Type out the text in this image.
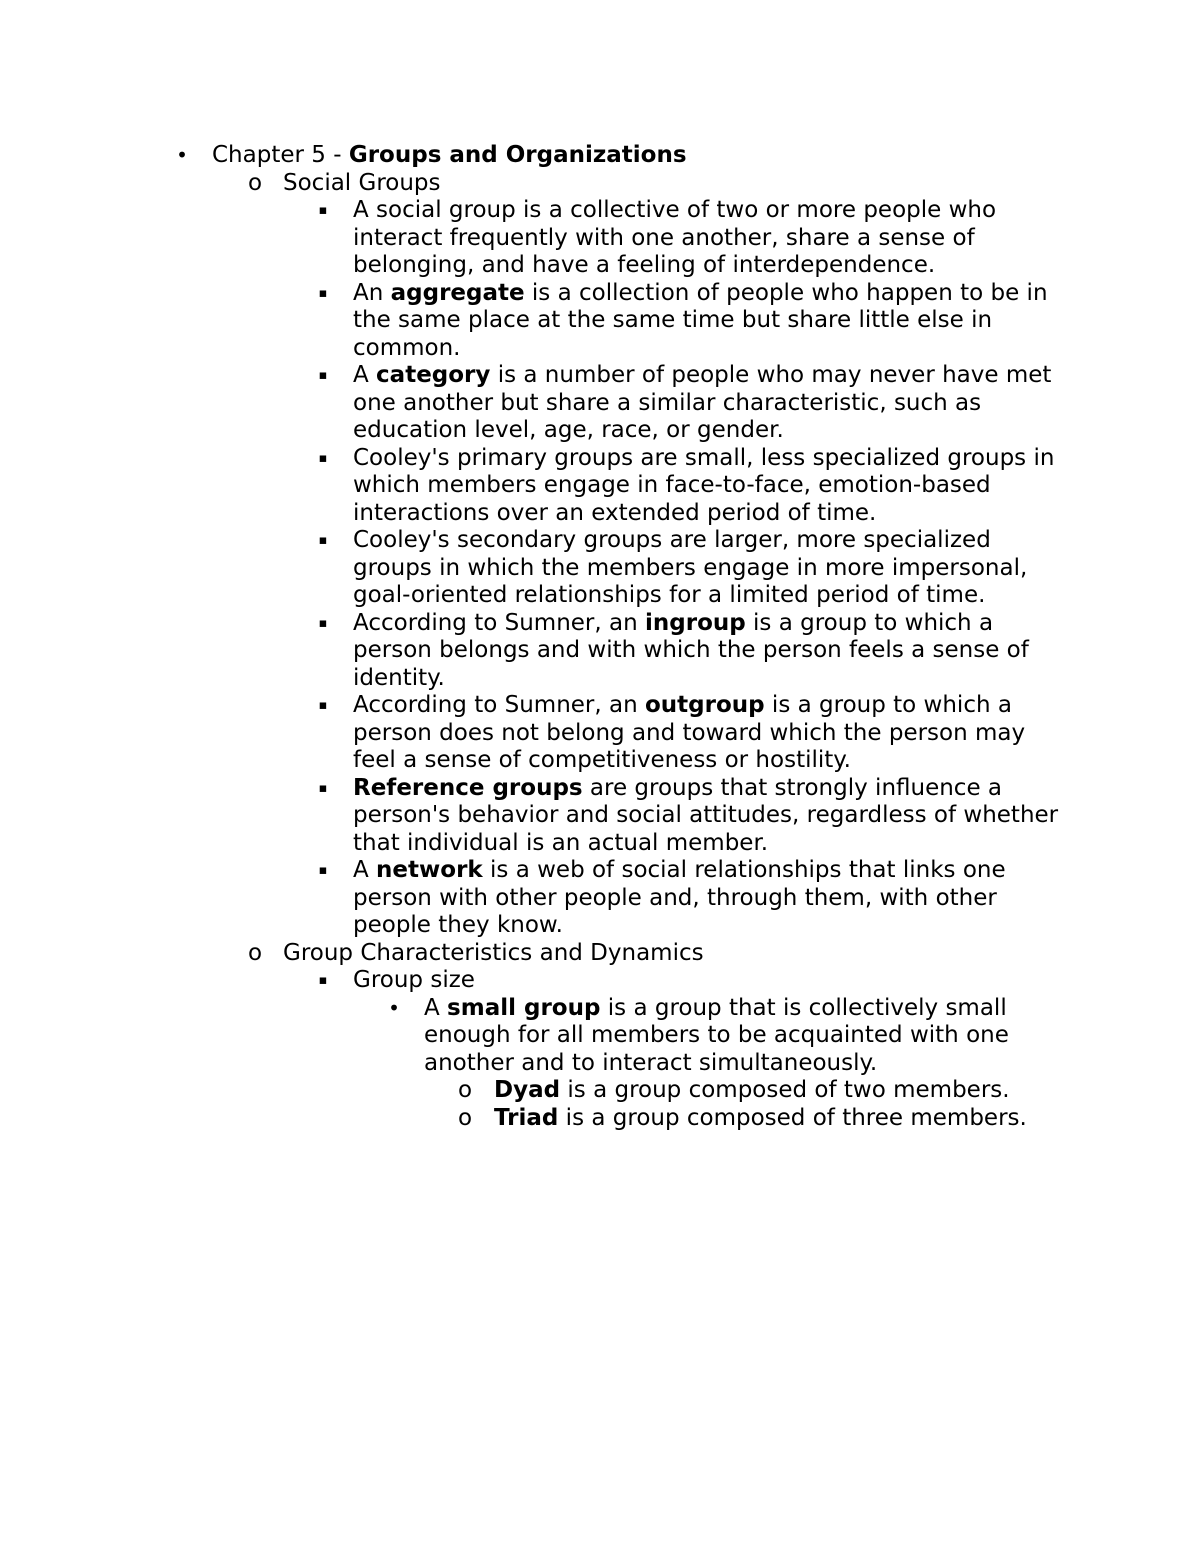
• Chapter 5 - Groups and Organizations
o Social Groups
▪	A social group is a collective of two or more people who interact frequently with one another, share a sense of belonging, and have a feeling of interdependence.
▪	An aggregate is a collection of people who happen to be in the same place at the same time but share little else in common.
▪	A category is a number of people who may never have met one another but share a similar characteristic, such as education level, age, race, or gender.
▪	Cooley's primary groups are small, less specialized groups in which members engage in face-to-face, emotion-based interactions over an extended period of time.
▪	Cooley's secondary groups are larger, more specialized groups in which the members engage in more impersonal, goal-oriented relationships for a limited period of time.
▪	According to Sumner, an ingroup is a group to which a person belongs and with which the person feels a sense of identity.
▪	According to Sumner, an outgroup is a group to which a person does not belong and toward which the person may feel a sense of competitiveness or hostility.
▪	Reference groups are groups that strongly influence a person's behavior and social attitudes, regardless of whether that individual is an actual member.
▪	A network is a web of social relationships that links one person with other people and, through them, with other people they know.
o Group Characteristics and Dynamics
▪	Group size
• A small group is a group that is collectively small enough for all members to be acquainted with one another and to interact simultaneously.
o Dyad is a group composed of two members.
o Triad is a group composed of three members.
